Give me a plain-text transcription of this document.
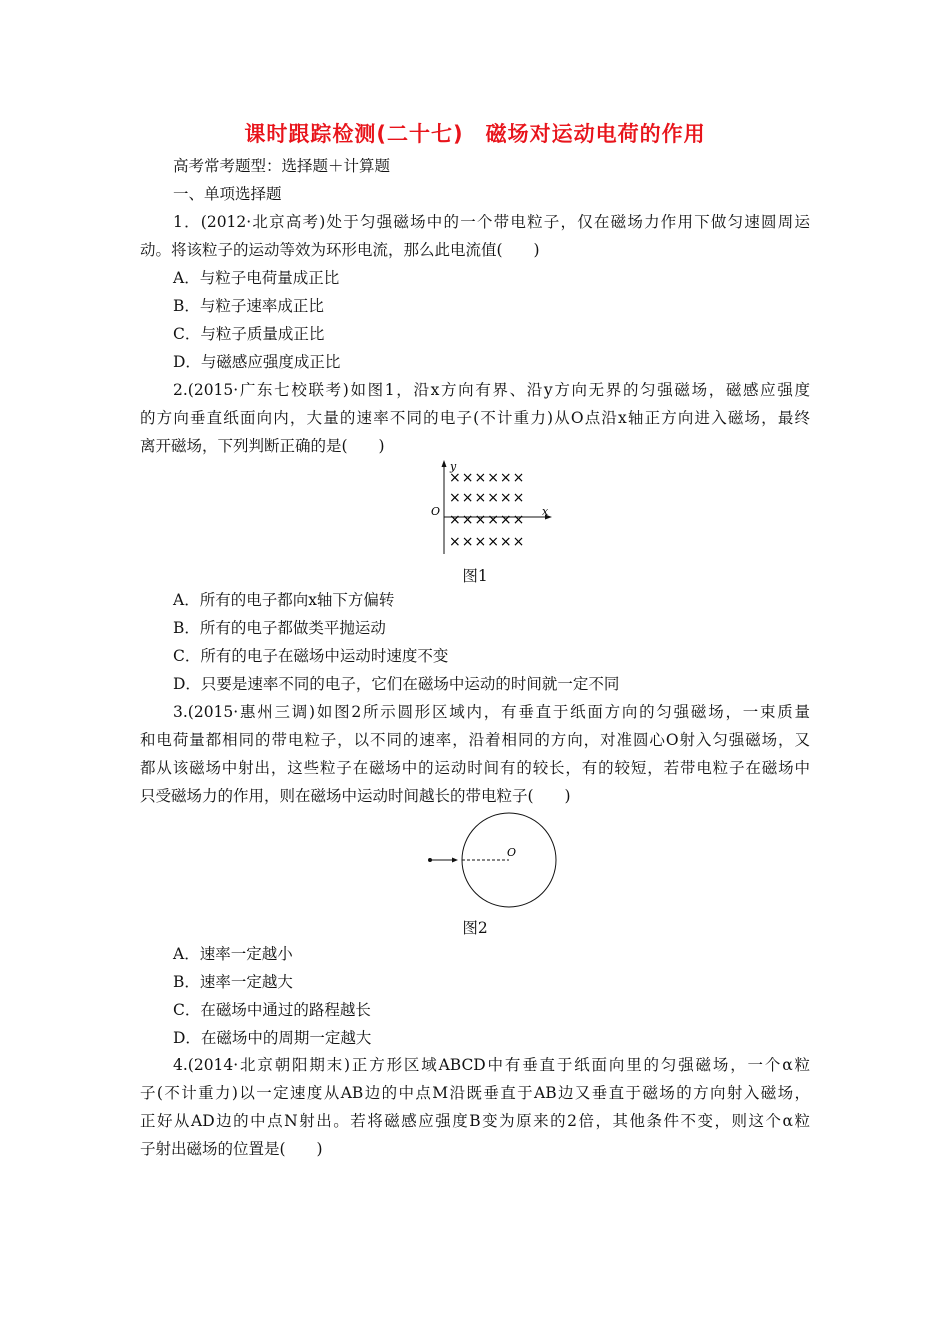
课时跟踪检测(二十七)　磁场对运动电荷的作用
高考常考题型：选择题＋计算题
一、单项选择题
1．(2012·北京高考)处于匀强磁场中的一个带电粒子，仅在磁场力作用下做匀速圆周运
动。将该粒子的运动等效为环形电流，那么此电流值(　　)
A．与粒子电荷量成正比
B．与粒子速率成正比
C．与粒子质量成正比
D．与磁感应强度成正比
2.(2015·广东七校联考)如图1，沿x方向有界、沿y方向无界的匀强磁场，磁感应强度
的方向垂直纸面向内，大量的速率不同的电子(不计重力)从O点沿x轴正方向进入磁场，最终
离开磁场，下列判断正确的是(　　)
y
x
O
××××××
××××××
××××××
××××××
图1
A．所有的电子都向x轴下方偏转
B．所有的电子都做类平抛运动
C．所有的电子在磁场中运动时速度不变
D．只要是速率不同的电子，它们在磁场中运动的时间就一定不同
3.(2015·惠州三调)如图2所示圆形区域内，有垂直于纸面方向的匀强磁场，一束质量
和电荷量都相同的带电粒子，以不同的速率，沿着相同的方向，对准圆心O射入匀强磁场，又
都从该磁场中射出，这些粒子在磁场中的运动时间有的较长，有的较短，若带电粒子在磁场中
只受磁场力的作用，则在磁场中运动时间越长的带电粒子(　　)
O
图2
A．速率一定越小
B．速率一定越大
C．在磁场中通过的路程越长
D．在磁场中的周期一定越大
4.(2014·北京朝阳期末)正方形区域ABCD中有垂直于纸面向里的匀强磁场，一个α粒
子(不计重力)以一定速度从AB边的中点M沿既垂直于AB边又垂直于磁场的方向射入磁场，
正好从AD边的中点N射出。若将磁感应强度B变为原来的2倍，其他条件不变，则这个α粒
子射出磁场的位置是(　　)
